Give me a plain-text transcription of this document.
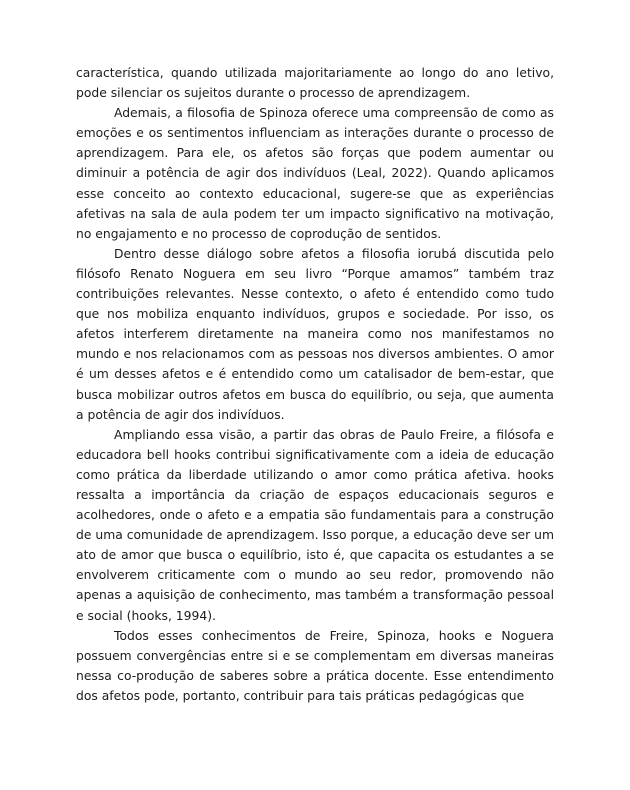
característica, quando utilizada majoritariamente ao longo do ano letivo, pode silenciar os sujeitos durante o processo de aprendizagem.

Ademais, a filosofia de Spinoza oferece uma compreensão de como as emoções e os sentimentos influenciam as interações durante o processo de aprendizagem. Para ele, os afetos são forças que podem aumentar ou diminuir a potência de agir dos indivíduos (Leal, 2022). Quando aplicamos esse conceito ao contexto educacional, sugere-se que as experiências afetivas na sala de aula podem ter um impacto significativo na motivação, no engajamento e no processo de coprodução de sentidos.

Dentro desse diálogo sobre afetos a filosofia iorubá discutida pelo filósofo Renato Noguera em seu livro “Porque amamos” também traz contribuições relevantes. Nesse contexto, o afeto é entendido como tudo que nos mobiliza enquanto indivíduos, grupos e sociedade. Por isso, os afetos interferem diretamente na maneira como nos manifestamos no mundo e nos relacionamos com as pessoas nos diversos ambientes. O amor é um desses afetos e é entendido como um catalisador de bem-estar, que busca mobilizar outros afetos em busca do equilíbrio, ou seja, que aumenta a potência de agir dos indivíduos.

Ampliando essa visão, a partir das obras de Paulo Freire, a filósofa e educadora bell hooks contribui significativamente com a ideia de educação como prática da liberdade utilizando o amor como prática afetiva. hooks ressalta a importância da criação de espaços educacionais seguros e acolhedores, onde o afeto e a empatia são fundamentais para a construção de uma comunidade de aprendizagem. Isso porque, a educação deve ser um ato de amor que busca o equilíbrio, isto é, que capacita os estudantes a se envolverem criticamente com o mundo ao seu redor, promovendo não apenas a aquisição de conhecimento, mas também a transformação pessoal e social (hooks, 1994).

Todos esses conhecimentos de Freire, Spinoza, hooks e Noguera possuem convergências entre si e se complementam em diversas maneiras nessa co-produção de saberes sobre a prática docente. Esse entendimento dos afetos pode, portanto, contribuir para tais práticas pedagógicas que
